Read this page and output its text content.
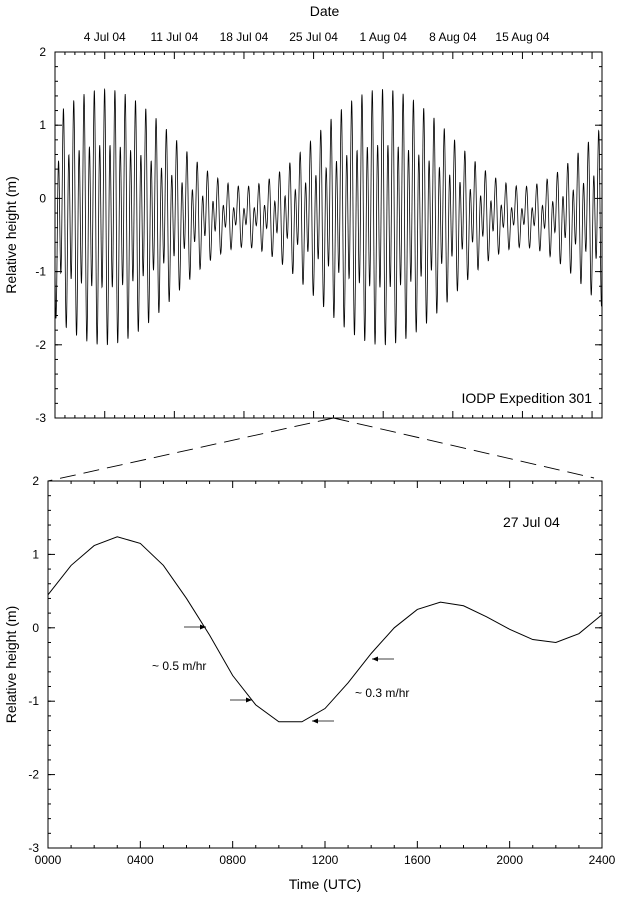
2
1
0
-1
-2
-3
4 Jul 04 11 Jul 04 18 Jul 04 25 Jul 04 1 Aug 04 8 Aug 04 15 Aug 04
Date
Relative height (m)
IODP Expedition 301
2
1
0
-1
-2
-3
0000	0400	0800	1200	1600	2000	2400
Time (UTC)
Relative height (m)
27 Jul 04
~ 0.5 m/hr
~ 0.3 m/hr
